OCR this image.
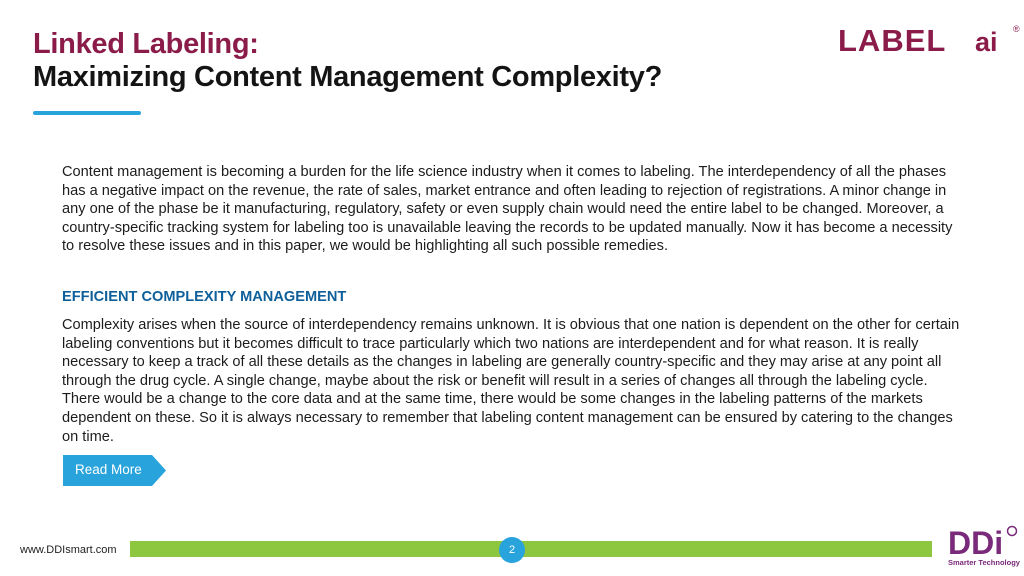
Linked Labeling:
Maximizing Content Management Complexity?
LABEL ai ®

Content management is becoming a burden for the life science industry when it comes to labeling. The interdependency of all the phases has a negative impact on the revenue, the rate of sales, market entrance and often leading to rejection of registrations. A minor change in any one of the phase be it manufacturing, regulatory, safety or even supply chain would need the entire label to be changed. Moreover, a country-specific tracking system for labeling too is unavailable leaving the records to be updated manually. Now it has become a necessity to resolve these issues and in this paper, we would be highlighting all such possible remedies.

EFFICIENT COMPLEXITY MANAGEMENT

Complexity arises when the source of interdependency remains unknown. It is obvious that one nation is dependent on the other for certain labeling conventions but it becomes difficult to trace particularly which two nations are interdependent and for what reason. It is really necessary to keep a track of all these details as the changes in labeling are generally country-specific and they may arise at any point all through the drug cycle. A single change, maybe about the risk or benefit will result in a series of changes all through the labeling cycle. There would be a change to the core data and at the same time, there would be some changes in the labeling patterns of the markets dependent on these. So it is always necessary to remember that labeling content management can be ensured by catering to the changes on time.

Read More
www.DDIsmart.com	2	DDi
Smarter Technology
